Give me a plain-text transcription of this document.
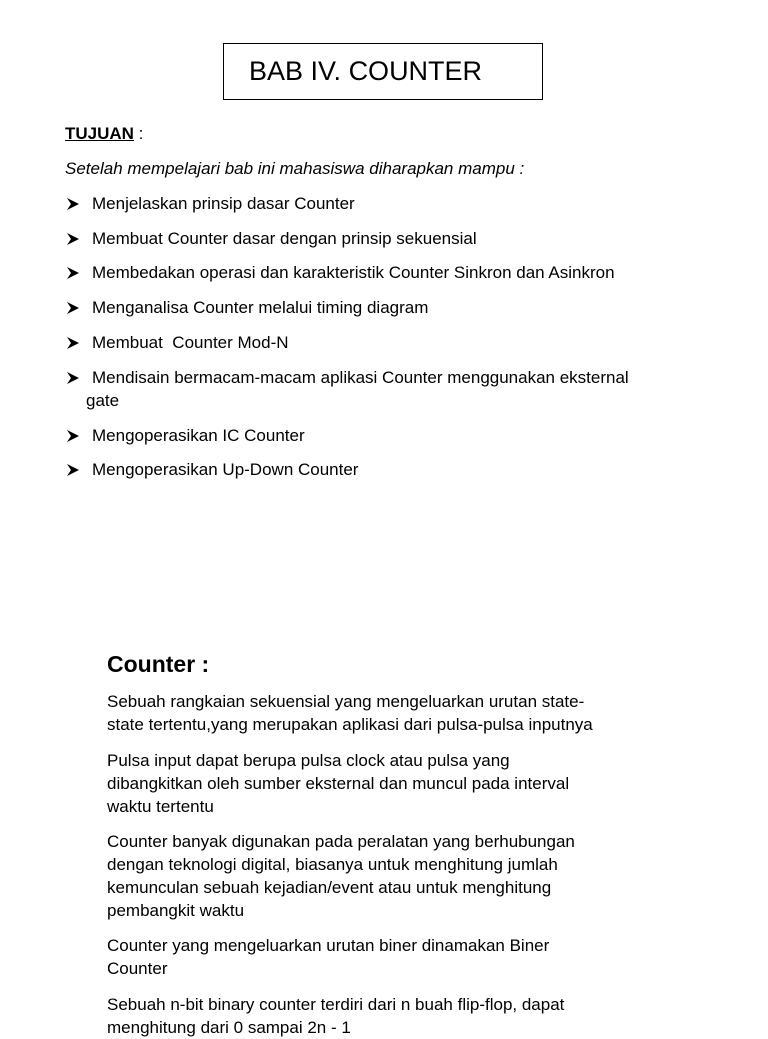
BAB IV. COUNTER
TUJUAN :
Setelah mempelajari bab ini mahasiswa diharapkan mampu :
Menjelaskan prinsip dasar Counter
Membuat Counter dasar dengan prinsip sekuensial
Membedakan operasi dan karakteristik Counter Sinkron dan Asinkron
Menganalisa Counter melalui timing diagram
Membuat  Counter Mod-N
Mendisain bermacam-macam aplikasi Counter menggunakan eksternal
gate
Mengoperasikan IC Counter
Mengoperasikan Up-Down Counter
Counter :
Sebuah rangkaian sekuensial yang mengeluarkan urutan state-
state tertentu,yang merupakan aplikasi dari pulsa-pulsa inputnya
Pulsa input dapat berupa pulsa clock atau pulsa yang
dibangkitkan oleh sumber eksternal dan muncul pada interval
waktu tertentu
Counter banyak digunakan pada peralatan yang berhubungan
dengan teknologi digital, biasanya untuk menghitung jumlah
kemunculan sebuah kejadian/event atau untuk menghitung
pembangkit waktu
Counter yang mengeluarkan urutan biner dinamakan Biner
Counter
Sebuah n-bit binary counter terdiri dari n buah flip-flop, dapat
menghitung dari 0 sampai 2n - 1
